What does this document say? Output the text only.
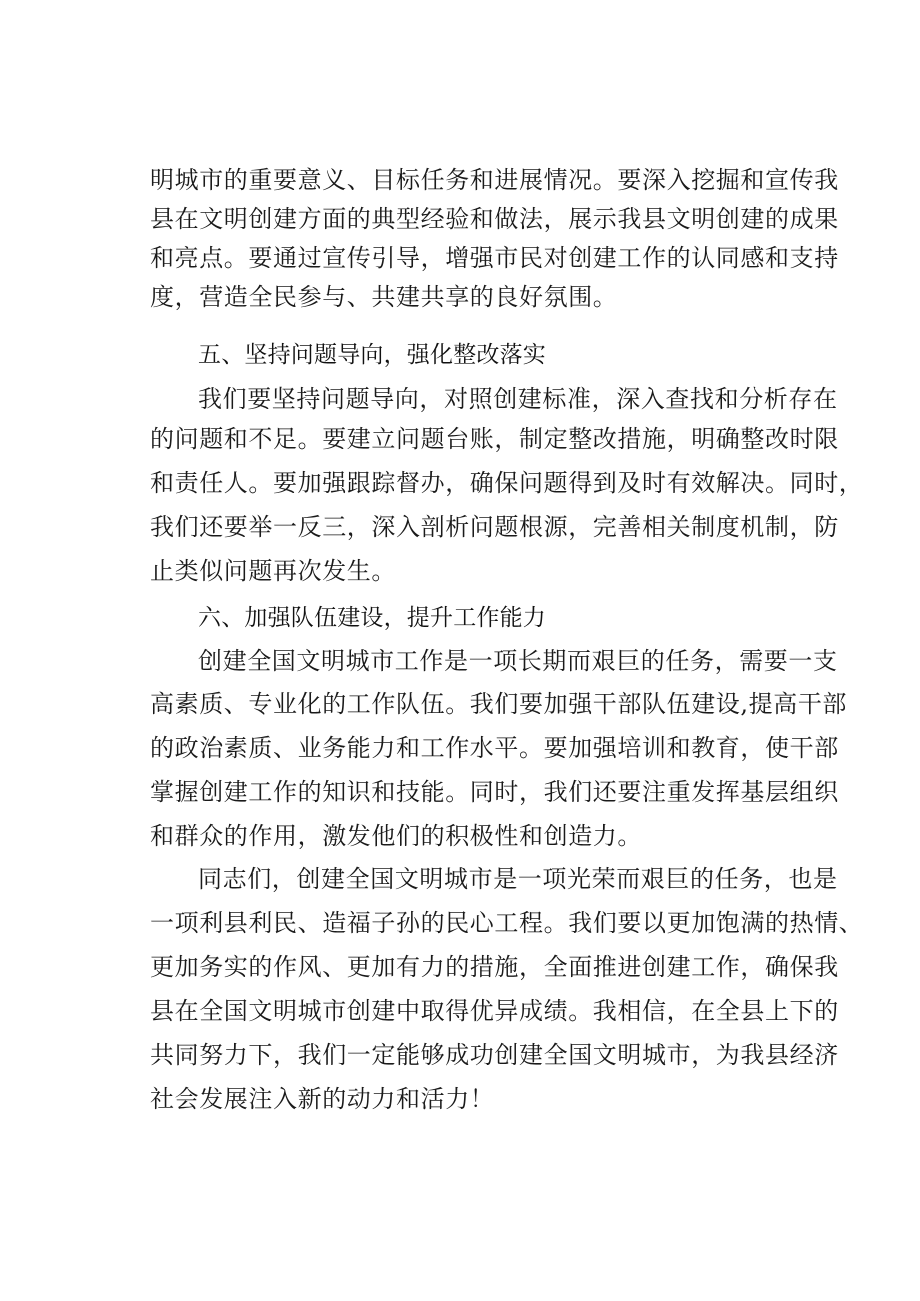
明城市的重要意义、目标任务和进展情况。要深入挖掘和宣传我
县在文明创建方面的典型经验和做法，展示我县文明创建的成果
和亮点。要通过宣传引导，增强市民对创建工作的认同感和支持
度，营造全民参与、共建共享的良好氛围。
五、坚持问题导向，强化整改落实
我们要坚持问题导向，对照创建标准，深入查找和分析存在
的问题和不足。要建立问题台账，制定整改措施，明确整改时限
和责任人。要加强跟踪督办，确保问题得到及时有效解决。同时，
我们还要举一反三，深入剖析问题根源，完善相关制度机制，防
止类似问题再次发生。
六、加强队伍建设，提升工作能力
创建全国文明城市工作是一项长期而艰巨的任务，需要一支
高素质、专业化的工作队伍。我们要加强干部队伍建设,提高干部
的政治素质、业务能力和工作水平。要加强培训和教育，使干部
掌握创建工作的知识和技能。同时，我们还要注重发挥基层组织
和群众的作用，激发他们的积极性和创造力。
同志们，创建全国文明城市是一项光荣而艰巨的任务，也是
一项利县利民、造福子孙的民心工程。我们要以更加饱满的热情、
更加务实的作风、更加有力的措施，全面推进创建工作，确保我
县在全国文明城市创建中取得优异成绩。我相信，在全县上下的
共同努力下，我们一定能够成功创建全国文明城市，为我县经济
社会发展注入新的动力和活力！
